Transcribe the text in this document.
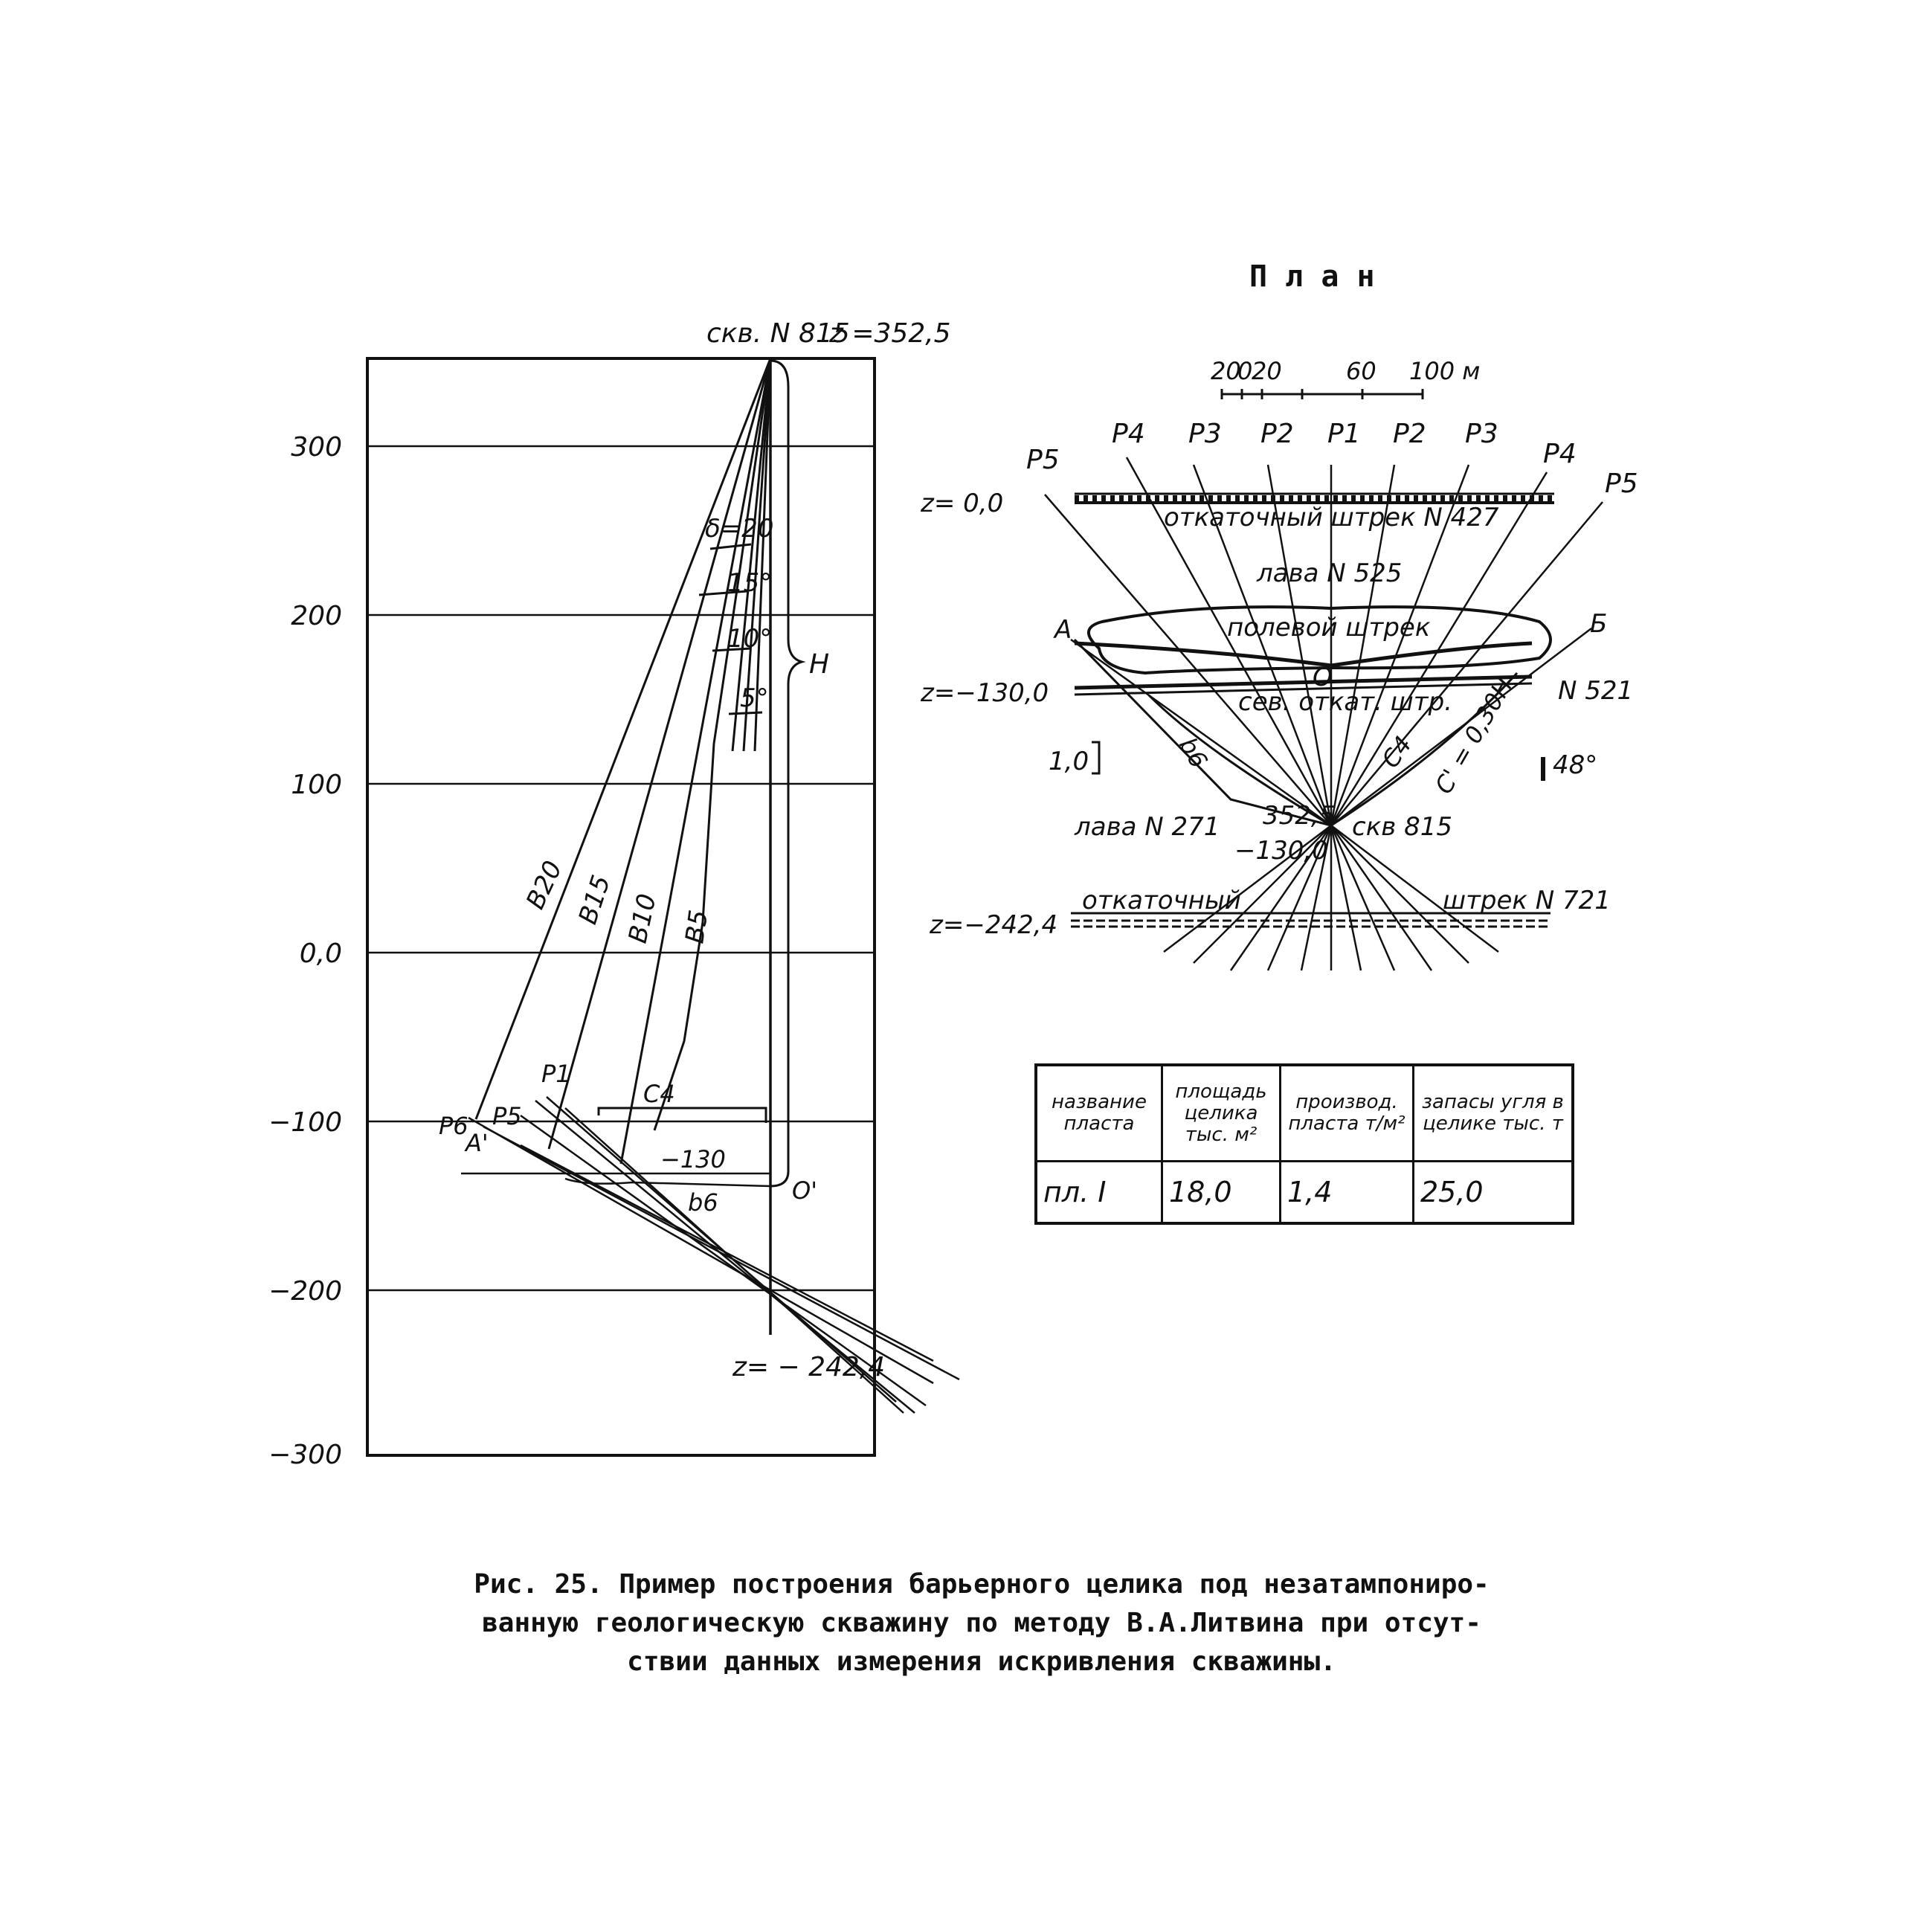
300
200
100
0,0
−100
−200
−300
скв. N 815
z =352,5
δ=20
15°
10°
5°
H
B20 B15 B10 B5
P6
A'
P5
P1
C4
b6	O'
−130
z= − 242,4
П л а н
20
0
20	60 100 м
z= 0,0
z=−130,0
z=−242,4
откаточный штрек N 427
лава N 525
полевой штрек
O	N 521
сев. откат. штр.
A	Б
1,0
лава N 271 352,5
−130,0
скв 815
откаточный	штрек N 721
48°
C4 C' = 0,30H
b6
P5
P4 P3 P2 P1 P2 P3
P4
P5
название пласта	площадь целика тыс. м²	производ. пласта т/м²	запасы угля в целике тыс. т
пл. I	18,0	1,4	25,0
Рис. 25. Пример построения барьерного целика под незатампониро-
ванную геологическую скважину по методу В.А.Литвина при отсут-
ствии данных измерения искривления скважины.
